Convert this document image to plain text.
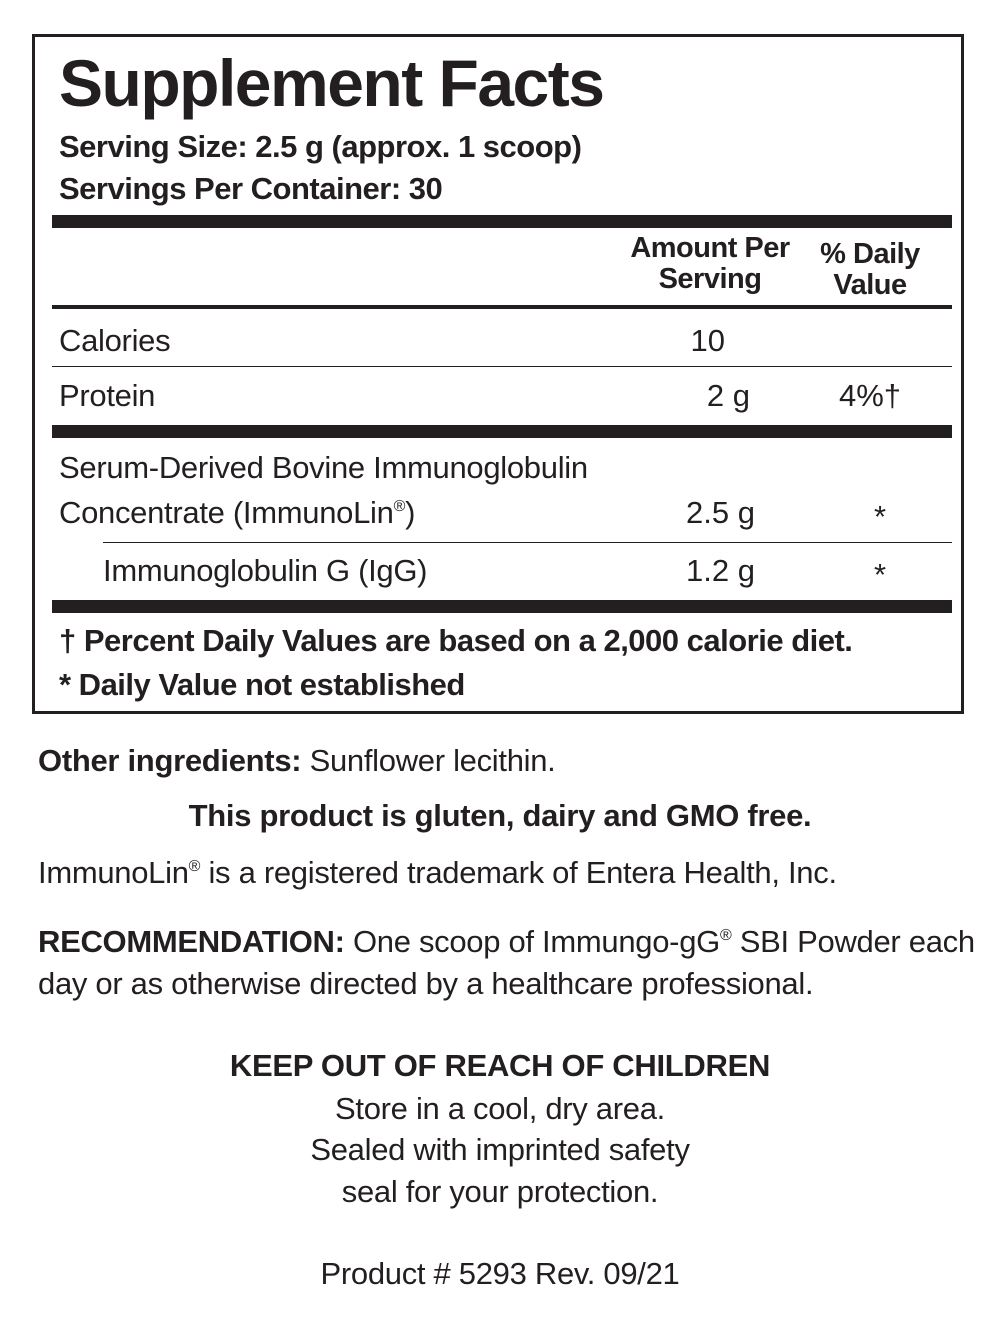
Supplement Facts
Serving Size: 2.5 g (approx. 1 scoop)
Servings Per Container: 30
Amount Per
Serving
% Daily
Value
Calories	10
Protein	2 g	4%†
Serum-Derived Bovine Immunoglobulin
Concentrate (ImmunoLin®)	2.5 g	*
Immunoglobulin G (IgG)	1.2 g	*
† Percent Daily Values are based on a 2,000 calorie diet.
* Daily Value not established
Other ingredients: Sunflower lecithin.
This product is gluten, dairy and GMO free.
ImmunoLin® is a registered trademark of Entera Health, Inc.
RECOMMENDATION: One scoop of Immungo-gG® SBI Powder each
day or as otherwise directed by a healthcare professional.
KEEP OUT OF REACH OF CHILDREN
Store in a cool, dry area.
Sealed with imprinted safety
seal for your protection.
Product # 5293 Rev. 09/21
